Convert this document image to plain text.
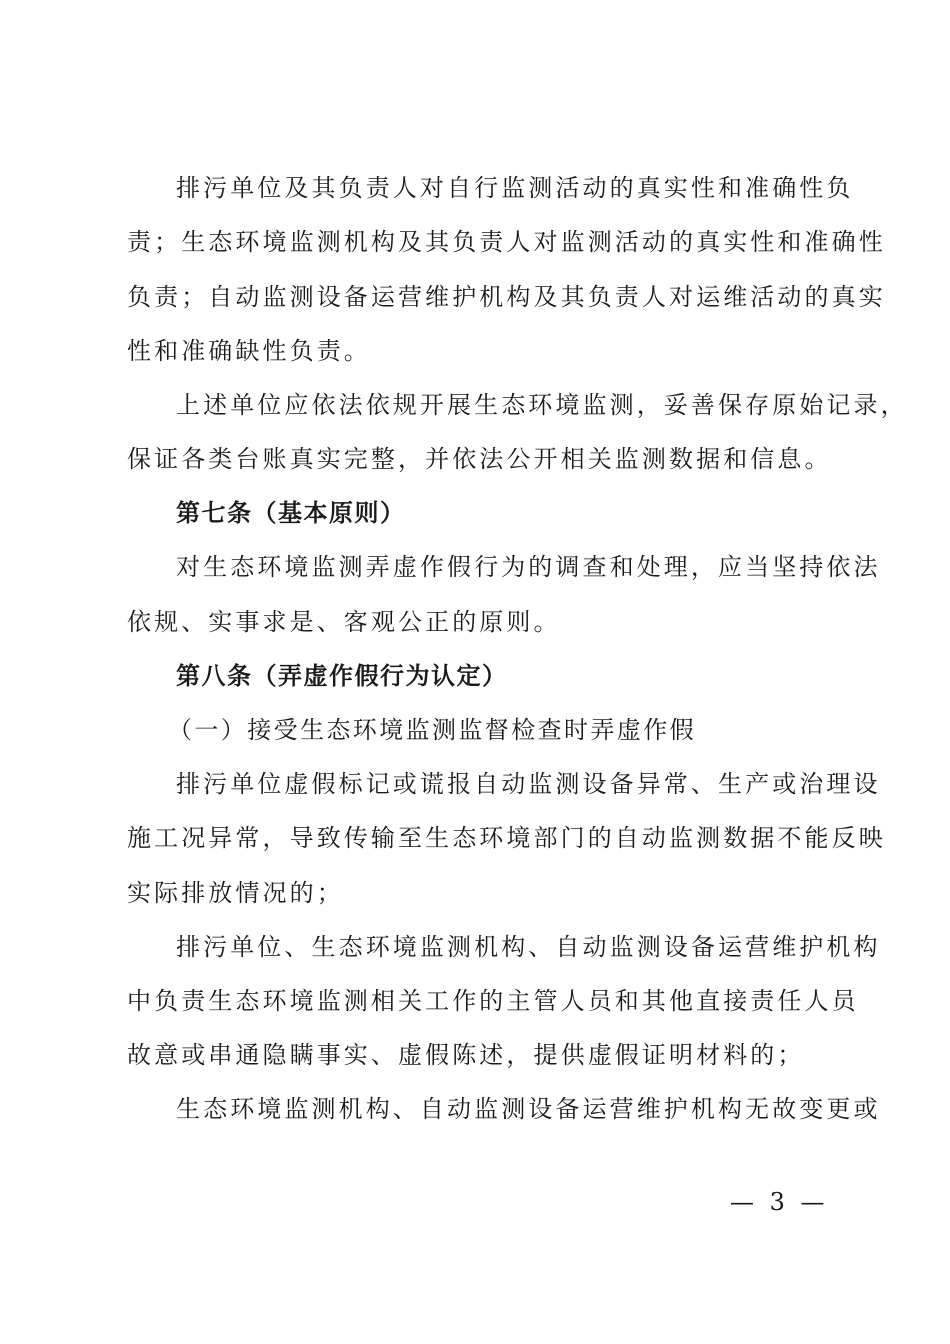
排污单位及其负责人对自行监测活动的真实性和准确性负
责；生态环境监测机构及其负责人对监测活动的真实性和准确性
负责；自动监测设备运营维护机构及其负责人对运维活动的真实
性和准确缺性负责。
上述单位应依法依规开展生态环境监测，妥善保存原始记录，
保证各类台账真实完整，并依法公开相关监测数据和信息。
第七条（基本原则）
对生态环境监测弄虚作假行为的调查和处理，应当坚持依法
依规、实事求是、客观公正的原则。
第八条（弄虚作假行为认定）
（一）接受生态环境监测监督检查时弄虚作假
排污单位虚假标记或谎报自动监测设备异常、生产或治理设
施工况异常，导致传输至生态环境部门的自动监测数据不能反映
实际排放情况的；
排污单位、生态环境监测机构、自动监测设备运营维护机构
中负责生态环境监测相关工作的主管人员和其他直接责任人员
故意或串通隐瞒事实、虚假陈述，提供虚假证明材料的；
生态环境监测机构、自动监测设备运营维护机构无故变更或
— 3 —
